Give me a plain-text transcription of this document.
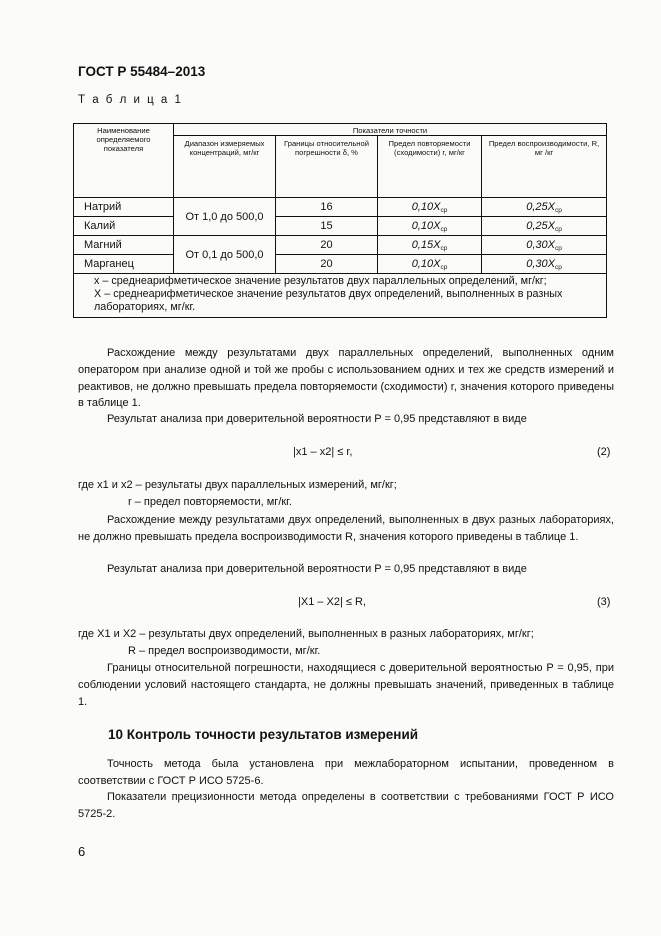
ГОСТ Р 55484–2013
Т а б л и ц а 1
Наименование определяемого показателя	Показатели точности			
	Диапазон измеряемых концентраций, мг/кг	Границы относительной погрешности δ, %	Предел повторяемости (сходимости) r, мг/кг	Предел воспроизводимости, R, мг /кг
Натрий	От 1,0 до 500,0	16	$0,10X_{ср}$	$0,25X_{ср}$
Калий		15	$0,10X_{ср}$	$0,25X_{ср}$
Магний	От 0,1 до 500,0	20	$0,15X_{ср}$	$0,30X_{ср}$
Марганец		20	$0,10X_{ср}$	$0,30X_{ср}$

x – среднеарифметическое значение результатов двух параллельных определений, мг/кг;
X – среднеарифметическое значение результатов двух определений, выполненных в разных лабораториях, мг/кг.				

Расхождение между результатами двух параллельных определений, выполненных одним оператором при анализе одной и той же пробы с использованием одних и тех же средств измерений и реактивов, не должно превышать предела повторяемости (сходимости) r, значения которого приведены в таблице 1.

Результат анализа при доверительной вероятности P = 0,95 представляют в виде

|x1 – x2| ≤ r,	(2)
где x1 и x2 – результаты двух параллельных измерений, мг/кг;
r – предел повторяемости, мг/кг.

Расхождение между результатами двух определений, выполненных в двух разных лабораториях, не должно превышать предела воспроизводимости R, значения которого приведены в таблице 1.

Результат анализа при доверительной вероятности P = 0,95 представляют в виде

|X1 – X2| ≤ R,	(3)
где X1 и X2 – результаты двух определений, выполненных в разных лабораториях, мг/кг;
R – предел воспроизводимости, мг/кг.

Границы относительной погрешности, находящиеся с доверительной вероятностью P = 0,95, при соблюдении условий настоящего стандарта, не должны превышать значений, приведенных в таблице 1.

10 Контроль точности результатов измерений

Точность метода была установлена при межлабораторном испытании, проведенном в соответствии с ГОСТ Р ИСО 5725-6.

Показатели прецизионности метода определены в соответствии с требованиями ГОСТ Р ИСО 5725-2.

6
